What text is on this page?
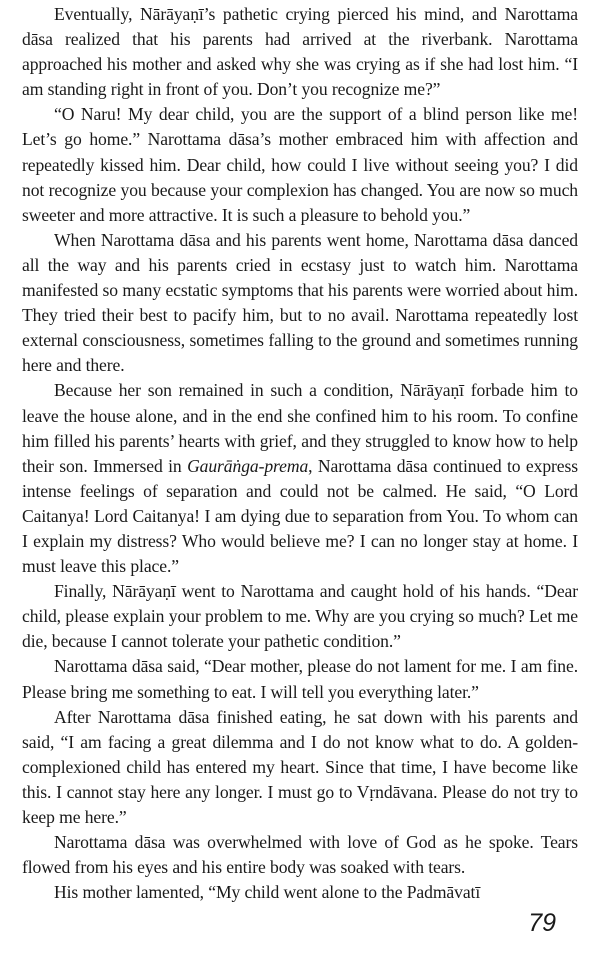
Eventually, Nārāyaṇī’s pathetic crying pierced his mind, and Narottama dāsa realized that his parents had arrived at the riverbank. Narottama approached his mother and asked why she was crying as if she had lost him. “I am standing right in front of you. Don’t you recognize me?”

“O Naru! My dear child, you are the support of a blind person like me! Let’s go home.” Narottama dāsa’s mother embraced him with affection and repeatedly kissed him. Dear child, how could I live without seeing you? I did not recognize you because your complexion has changed. You are now so much sweeter and more attractive. It is such a pleasure to behold you.”

When Narottama dāsa and his parents went home, Narottama dāsa danced all the way and his parents cried in ecstasy just to watch him. Narottama manifested so many ecstatic symptoms that his parents were worried about him. They tried their best to pacify him, but to no avail. Narottama repeatedly lost external consciousness, sometimes falling to the ground and sometimes running here and there.

Because her son remained in such a condition, Nārāyaṇī forbade him to leave the house alone, and in the end she confined him to his room. To confine him filled his parents’ hearts with grief, and they struggled to know how to help their son. Immersed in Gaurāṅga-prema, Narottama dāsa continued to express intense feelings of separation and could not be calmed. He said, “O Lord Caitanya! Lord Caitanya! I am dying due to separation from You. To whom can I explain my distress? Who would believe me? I can no longer stay at home. I must leave this place.”

Finally, Nārāyaṇī went to Narottama and caught hold of his hands. “Dear child, please explain your problem to me. Why are you crying so much? Let me die, because I cannot tolerate your pathetic condition.”

Narottama dāsa said, “Dear mother, please do not lament for me. I am fine. Please bring me something to eat. I will tell you everything later.”

After Narottama dāsa finished eating, he sat down with his parents and said, “I am facing a great dilemma and I do not know what to do. A golden-complexioned child has entered my heart. Since that time, I have become like this. I cannot stay here any longer. I must go to Vṛndāvana. Please do not try to keep me here.”

Narottama dāsa was overwhelmed with love of God as he spoke. Tears flowed from his eyes and his entire body was soaked with tears.

His mother lamented, “My child went alone to the Padmāvatī

79
